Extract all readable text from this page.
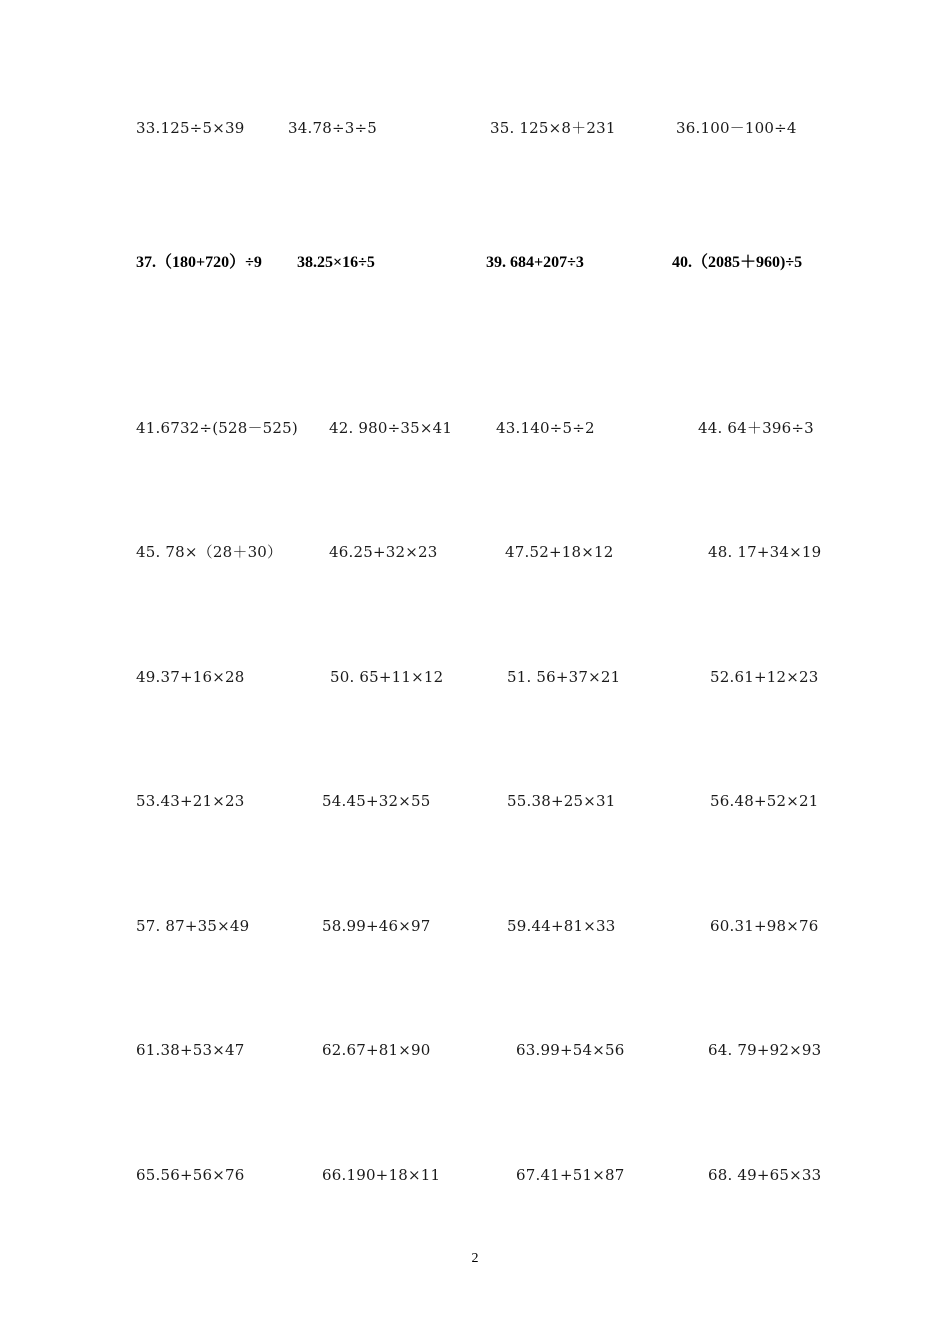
33.125÷5×39	34.78÷3÷5	35. 125×8＋231	36.100－100÷4
37.（180+720）÷9 38.25×16÷5	39. 684+207÷3	40.（2085＋960)÷5
41.6732÷(528－525) 42. 980÷35×41	43.140÷5÷2	44. 64＋396÷3
45. 78×（28＋30）	46.25+32×23	47.52+18×12	48. 17+34×19
49.37+16×28	50. 65+11×12	51. 56+37×21	52.61+12×23
53.43+21×23	54.45+32×55	55.38+25×31	56.48+52×21
57. 87+35×49	58.99+46×97	59.44+81×33	60.31+98×76
61.38+53×47	62.67+81×90	63.99+54×56	64. 79+92×93
65.56+56×76	66.190+18×11	67.41+51×87	68. 49+65×33
2
